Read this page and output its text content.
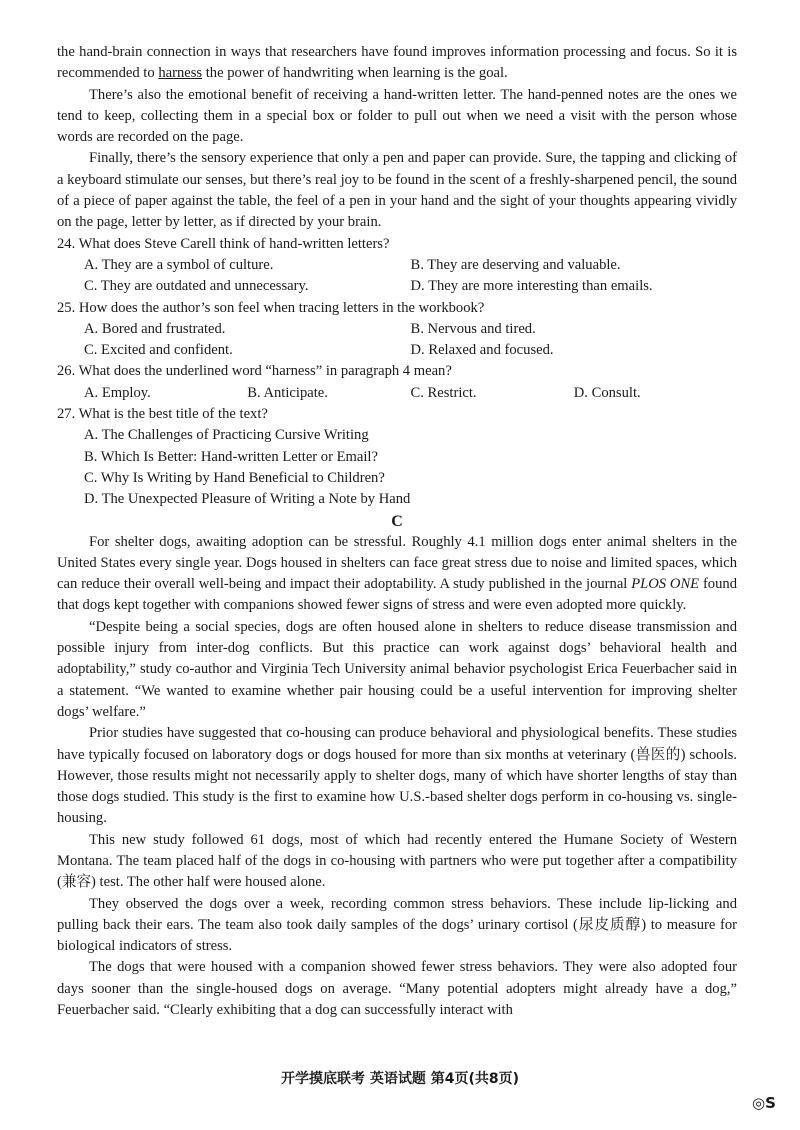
the hand-brain connection in ways that researchers have found improves information processing and focus. So it is recommended to harness the power of handwriting when learning is the goal.

There’s also the emotional benefit of receiving a hand-written letter. The hand-penned notes are the ones we tend to keep, collecting them in a special box or folder to pull out when we need a visit with the person whose words are recorded on the page.

Finally, there’s the sensory experience that only a pen and paper can provide. Sure, the tapping and clicking of a keyboard stimulate our senses, but there’s real joy to be found in the scent of a freshly-sharpened pencil, the sound of a piece of paper against the table, the feel of a pen in your hand and the sight of your thoughts appearing vividly on the page, letter by letter, as if directed by your brain.

24. What does Steve Carell think of hand-written letters?

A. They are a symbol of culture.	B. They are deserving and valuable.
C. They are outdated and unnecessary.	D. They are more interesting than emails.

25. How does the author’s son feel when tracing letters in the workbook?

A. Bored and frustrated.	B. Nervous and tired.
C. Excited and confident.	D. Relaxed and focused.

26. What does the underlined word “harness” in paragraph 4 mean?

A. Employ.	B. Anticipate.	C. Restrict.	D. Consult.

27. What is the best title of the text?

A. The Challenges of Practicing Cursive Writing

B. Which Is Better: Hand-written Letter or Email?

C. Why Is Writing by Hand Beneficial to Children?

D. The Unexpected Pleasure of Writing a Note by Hand

C

For shelter dogs, awaiting adoption can be stressful. Roughly 4.1 million dogs enter animal shelters in the United States every single year. Dogs housed in shelters can face great stress due to noise and limited spaces, which can reduce their overall well-being and impact their adoptability. A study published in the journal PLOS ONE found that dogs kept together with companions showed fewer signs of stress and were even adopted more quickly.

“Despite being a social species, dogs are often housed alone in shelters to reduce disease transmission and possible injury from inter-dog conflicts. But this practice can work against dogs’ behavioral health and adoptability,” study co-author and Virginia Tech University animal behavior psychologist Erica Feuerbacher said in a statement. “We wanted to examine whether pair housing could be a useful intervention for improving shelter dogs’ welfare.”

Prior studies have suggested that co-housing can produce behavioral and physiological benefits. These studies have typically focused on laboratory dogs or dogs housed for more than six months at veterinary (兽医的) schools. However, those results might not necessarily apply to shelter dogs, many of which have shorter lengths of stay than those dogs studied. This study is the first to examine how U.S.-based shelter dogs perform in co-housing vs. single-housing.

This new study followed 61 dogs, most of which had recently entered the Humane Society of Western Montana. The team placed half of the dogs in co-housing with partners who were put together after a compatibility (兼容) test. The other half were housed alone.

They observed the dogs over a week, recording common stress behaviors. These include lip-licking and pulling back their ears. The team also took daily samples of the dogs’ urinary cortisol (尿皮质醇) to measure for biological indicators of stress.

The dogs that were housed with a companion showed fewer stress behaviors. They were also adopted four days sooner than the single-housed dogs on average. “Many potential adopters might already have a dog,” Feuerbacher said. “Clearly exhibiting that a dog can successfully interact with

开学摸底联考 英语试题 第4页(共8页)
◎S
